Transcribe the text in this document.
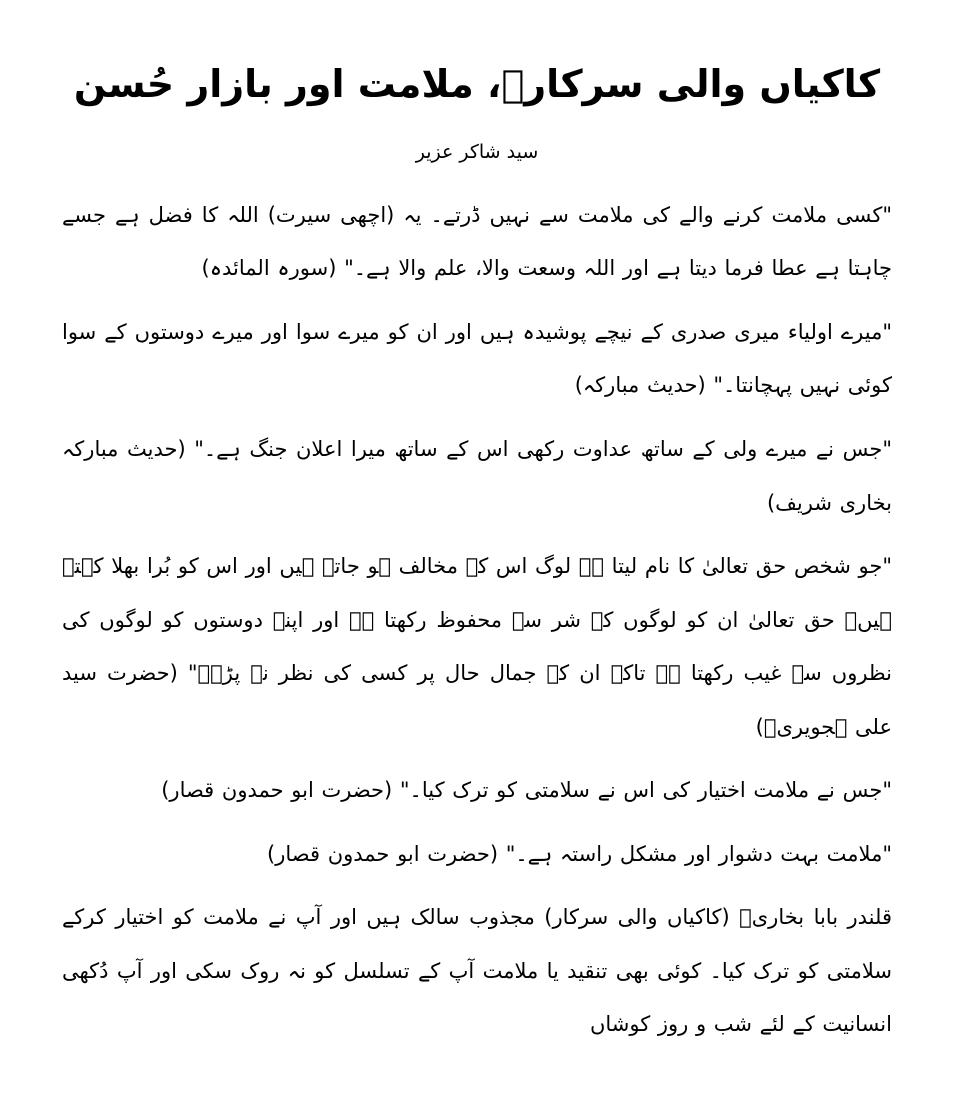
کاکیاں والی سرکارؒ، ملامت اور بازار حُسن
سید شاکر عزیر

"کسی ملامت کرنے والے کی ملامت سے نہیں ڈرتے۔ یہ (اچھی سیرت) اللہ کا فضل ہے جسے چاہتا ہے عطا فرما دیتا ہے اور اللہ وسعت والا، علم والا ہے۔" (سورہ المائدہ)

"میرے اولیاء میری صدری کے نیچے پوشیدہ ہیں اور ان کو میرے سوا اور میرے دوستوں کے سوا کوئی نہیں پہچانتا۔" (حدیث مبارکہ)

"جس نے میرے ولی کے ساتھ عداوت رکھی اس کے ساتھ میرا اعلان جنگ ہے۔" (حدیث مبارکہ بخاری شریف)

"جو شخص حق تعالیٰ کا نام لیتا ہے لوگ اس کے مخالف ہو جاتے ہیں اور اس کو بُرا بھلا کہتے ہیں۔ حق تعالیٰ ان کو لوگوں کے شر سے محفوظ رکھتا ہے اور اپنے دوستوں کو لوگوں کی نظروں سے غیب رکھتا ہے تاکہ ان کے جمال حال پر کسی کی نظر نہ پڑے۔" (حضرت سید علی ہجویریؒ)

"جس نے ملامت اختیار کی اس نے سلامتی کو ترک کیا۔" (حضرت ابو حمدون قصار)

"ملامت بہت دشوار اور مشکل راستہ ہے۔" (حضرت ابو حمدون قصار)

قلندر بابا بخاریؒ (کاکیاں والی سرکار) مجذوب سالک ہیں اور آپ نے ملامت کو اختیار کرکے سلامتی کو ترک کیا۔ کوئی بھی تنقید یا ملامت آپ کے تسلسل کو نہ روک سکی اور آپ دُکھی انسانیت کے لئے شب و روز کوشاں
